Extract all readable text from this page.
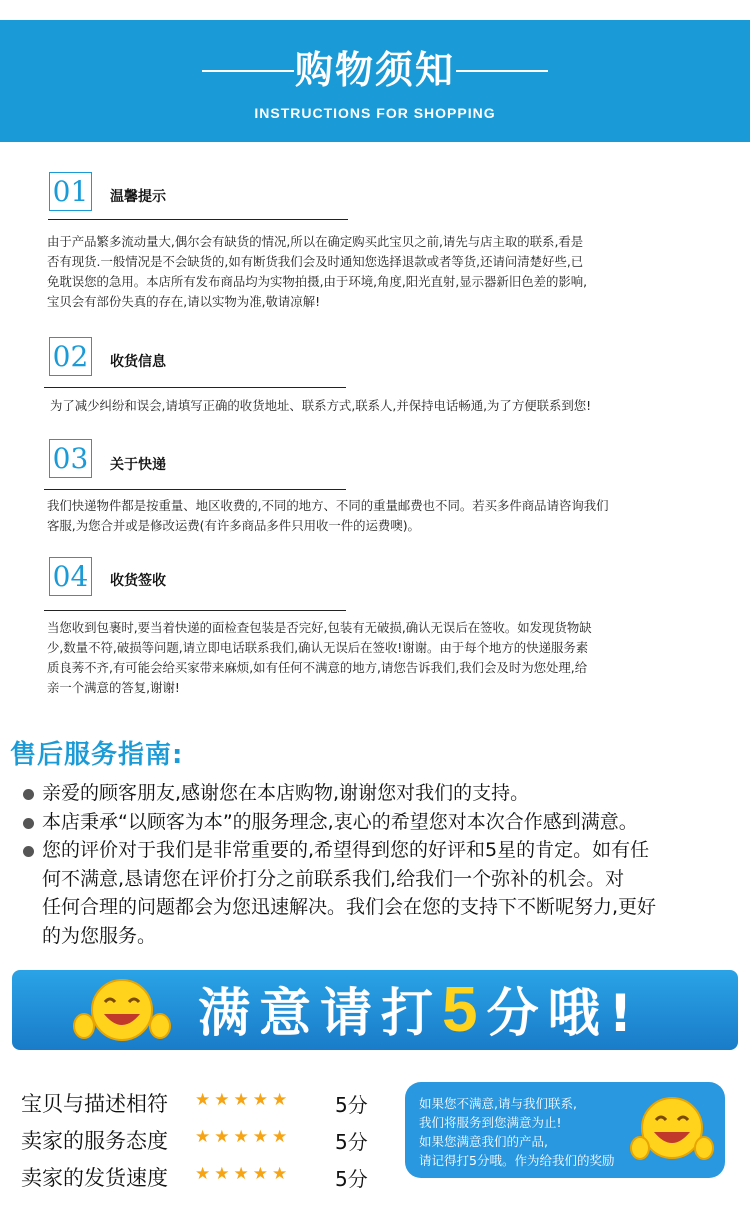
购物须知
INSTRUCTIONS FOR SHOPPING
01 温馨提示
由于产品繁多流动量大,偶尔会有缺货的情况,所以在确定购买此宝贝之前,请先与店主取的联系,看是
否有现货.一般情况是不会缺货的,如有断货我们会及时通知您选择退款或者等货,还请问清楚好些,已
免耽误您的急用。本店所有发布商品均为实物拍摄,由于环境,角度,阳光直射,显示器新旧色差的影响,
宝贝会有部份失真的存在,请以实物为准,敬请凉解!
02 收货信息
为了减少纠纷和误会,请填写正确的收货地址、联系方式,联系人,并保持电话畅通,为了方便联系到您!
03 关于快递
我们快递物件都是按重量、地区收费的,不同的地方、不同的重量邮费也不同。若买多件商品请咨询我们
客服,为您合并或是修改运费(有许多商品多件只用收一件的运费噢)。
04 收货签收
当您收到包裹时,要当着快递的面检查包装是否完好,包装有无破损,确认无误后在签收。如发现货物缺
少,数量不符,破损等问题,请立即电话联系我们,确认无误后在签收!谢谢。由于每个地方的快递服务素
质良莠不齐,有可能会给买家带来麻烦,如有任何不满意的地方,请您告诉我们,我们会及时为您处理,给
亲一个满意的答复,谢谢!
售后服务指南:
亲爱的顾客朋友,感谢您在本店购物,谢谢您对我们的支持。
本店秉承“以顾客为本”的服务理念,衷心的希望您对本次合作感到满意。
您的评价对于我们是非常重要的,希望得到您的好评和5星的肯定。如有任
何不满意,恳请您在评价打分之前联系我们,给我们一个弥补的机会。对
任何合理的问题都会为您迅速解决。我们会在您的支持下不断呢努力,更好
的为您服务。
满意请打5分哦!
宝贝与描述相符 ★★★★★ 5分
卖家的服务态度 ★★★★★ 5分
卖家的发货速度 ★★★★★ 5分
如果您不满意,请与我们联系,
我们将服务到您满意为止!
如果您满意我们的产品,
请记得打5分哦。作为给我们的奖励
